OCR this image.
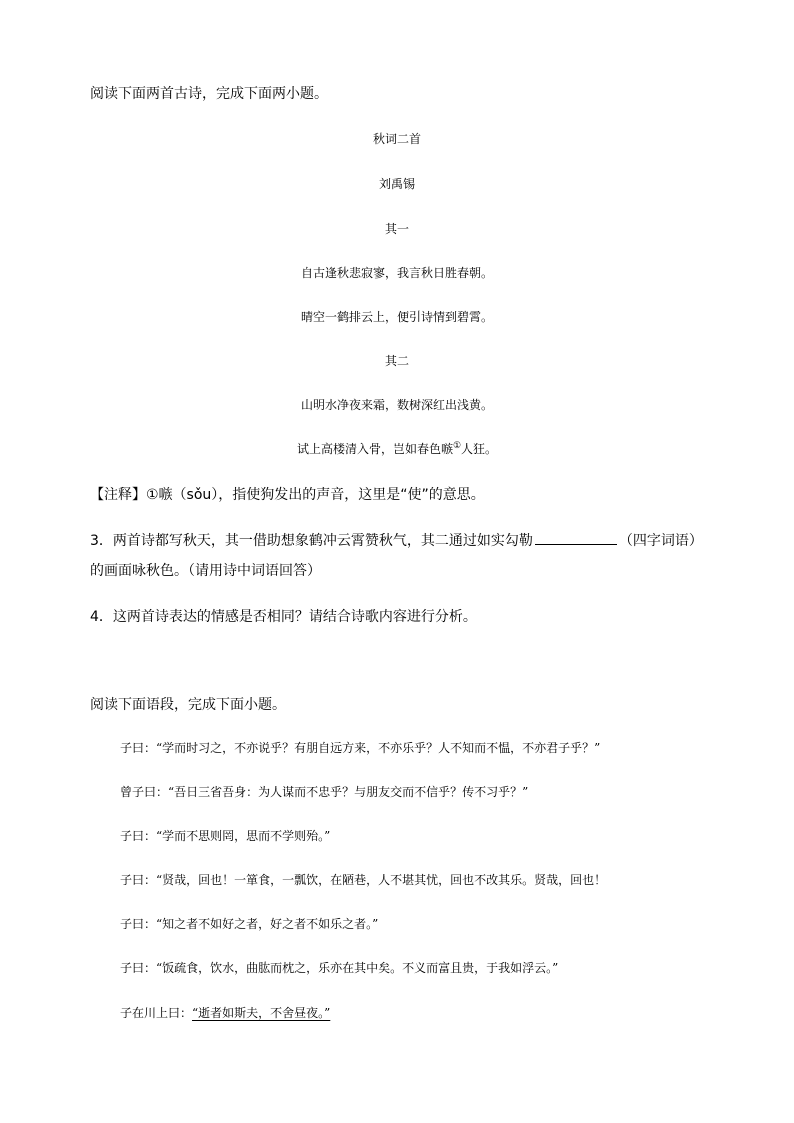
阅读下面两首古诗，完成下面两小题。
秋词二首
刘禹锡
其一
自古逢秋悲寂寥，我言秋日胜春朝。
晴空一鹤排云上，便引诗情到碧霄。
其二
山明水净夜来霜，数树深红出浅黄。
试上高楼清入骨，岂如春色嗾①人狂。
【注释】①嗾（sǒu），指使狗发出的声音，这里是“使”的意思。
3．两首诗都写秋天，其一借助想象鹤冲云霄赞秋气，其二通过如实勾勒	（四字词语）
的画面咏秋色。（请用诗中词语回答）
4．这两首诗表达的情感是否相同？请结合诗歌内容进行分析。
阅读下面语段，完成下面小题。
子曰：“学而时习之，不亦说乎？有朋自远方来，不亦乐乎？人不知而不愠，不亦君子乎？”
曾子曰：“吾日三省吾身：为人谋而不忠乎？与朋友交而不信乎？传不习乎？”
子曰：“学而不思则罔，思而不学则殆。”
子曰：“贤哉，回也！一箪食，一瓢饮，在陋巷，人不堪其忧，回也不改其乐。贤哉，回也！
子曰：“知之者不如好之者，好之者不如乐之者。”
子曰：“饭疏食，饮水，曲肱而枕之，乐亦在其中矣。不义而富且贵，于我如浮云。”
子在川上曰：“逝者如斯夫，不舍昼夜。”
